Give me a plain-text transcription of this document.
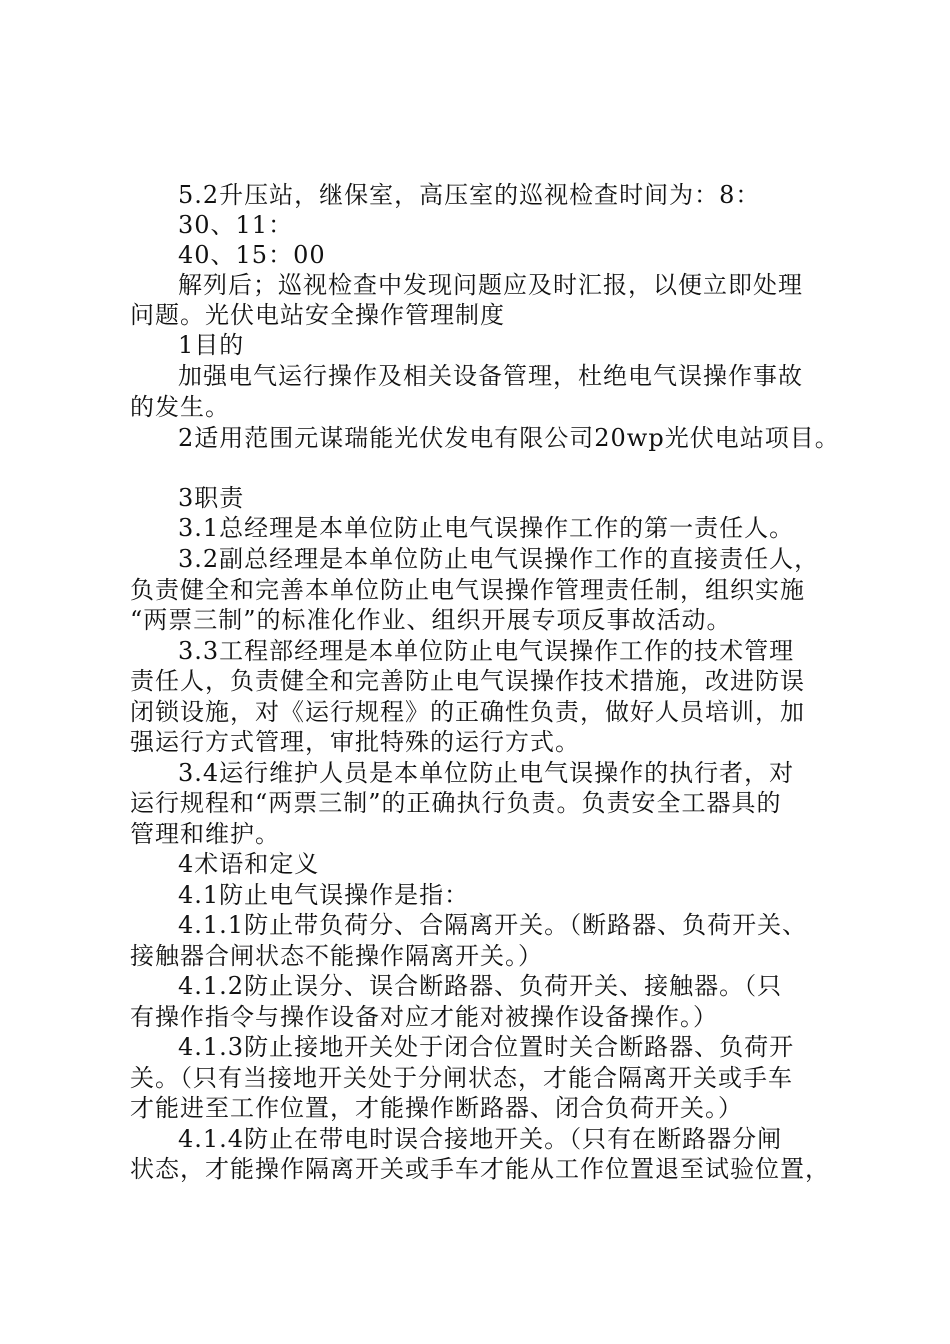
5.2升压站，继保室，高压室的巡视检查时间为：8：
30、11：
40、15：00
解列后；巡视检查中发现问题应及时汇报，以便立即处理
问题。光伏电站安全操作管理制度
1目的
加强电气运行操作及相关设备管理，杜绝电气误操作事故
的发生。
2适用范围元谋瑞能光伏发电有限公司20wp光伏电站项目。
3职责
3.1总经理是本单位防止电气误操作工作的第一责任人。
3.2副总经理是本单位防止电气误操作工作的直接责任人，
负责健全和完善本单位防止电气误操作管理责任制，组织实施
“两票三制”的标准化作业、组织开展专项反事故活动。
3.3工程部经理是本单位防止电气误操作工作的技术管理
责任人，负责健全和完善防止电气误操作技术措施，改进防误
闭锁设施，对《运行规程》的正确性负责，做好人员培训，加
强运行方式管理，审批特殊的运行方式。
3.4运行维护人员是本单位防止电气误操作的执行者，对
运行规程和“两票三制”的正确执行负责。负责安全工器具的
管理和维护。
4术语和定义
4.1防止电气误操作是指：
4.1.1防止带负荷分、合隔离开关。（断路器、负荷开关、
接触器合闸状态不能操作隔离开关。）
4.1.2防止误分、误合断路器、负荷开关、接触器。（只
有操作指令与操作设备对应才能对被操作设备操作。）
4.1.3防止接地开关处于闭合位置时关合断路器、负荷开
关。（只有当接地开关处于分闸状态，才能合隔离开关或手车
才能进至工作位置，才能操作断路器、闭合负荷开关。）
4.1.4防止在带电时误合接地开关。（只有在断路器分闸
状态，才能操作隔离开关或手车才能从工作位置退至试验位置，
